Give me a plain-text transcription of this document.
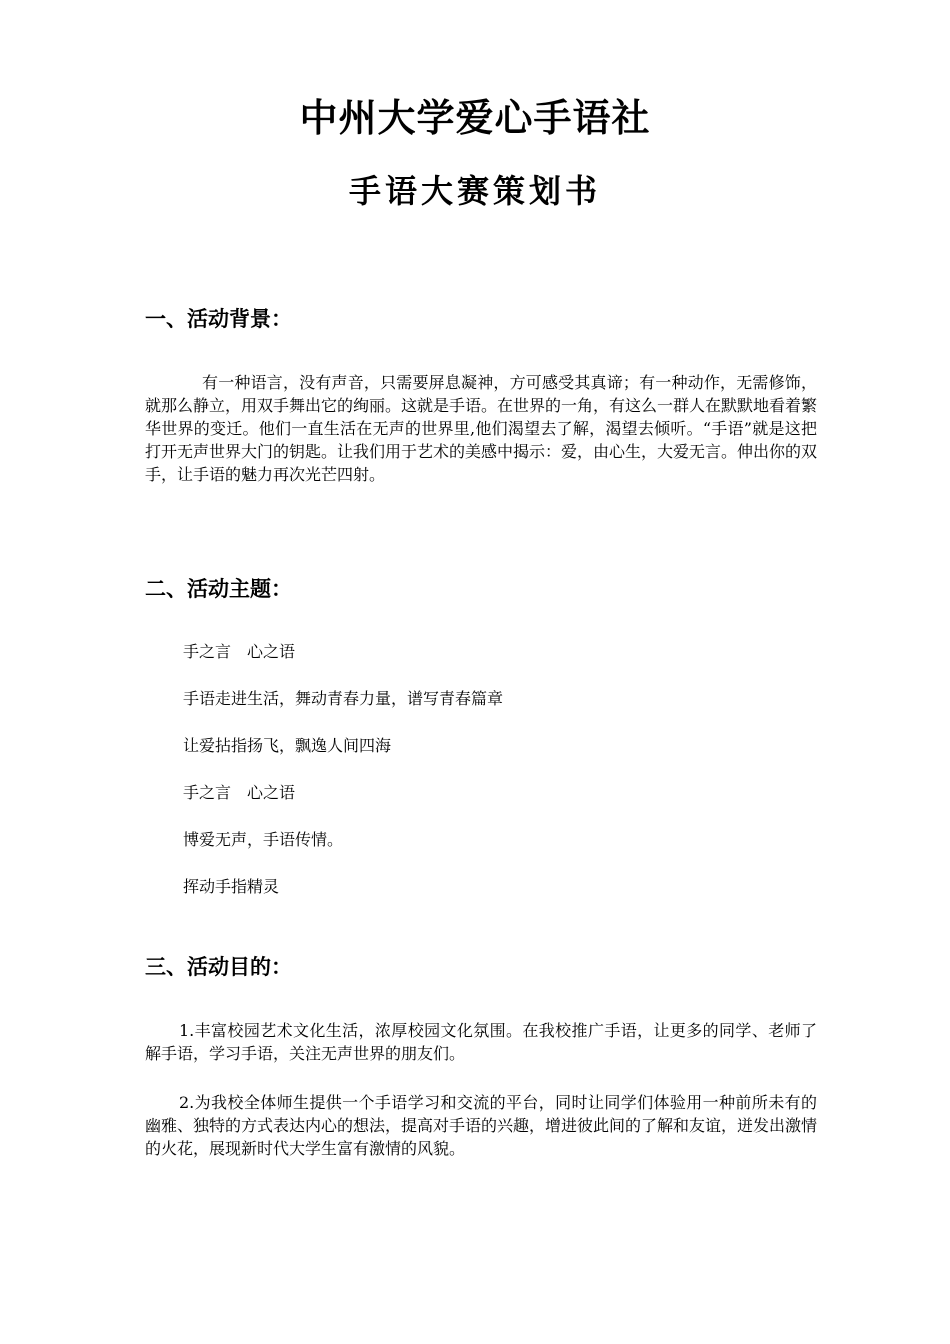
中州大学爱心手语社
手语大赛策划书
一、活动背景：
有一种语言，没有声音，只需要屏息凝神，方可感受其真谛；有一种动作，无需修饰，就那么静立，用双手舞出它的绚丽。这就是手语。在世界的一角，有这么一群人在默默地看着繁华世界的变迁。他们一直生活在无声的世界里,他们渴望去了解，渴望去倾听。“手语”就是这把打开无声世界大门的钥匙。让我们用于艺术的美感中揭示：爱，由心生，大爱无言。伸出你的双手，让手语的魅力再次光芒四射。
二、活动主题：
手之言　心之语
手语走进生活，舞动青春力量，谱写青春篇章
让爱拈指扬飞，飘逸人间四海
手之言　心之语
博爱无声，手语传情。
挥动手指精灵
三、活动目的：
1.丰富校园艺术文化生活，浓厚校园文化氛围。在我校推广手语，让更多的同学、老师了解手语，学习手语，关注无声世界的朋友们。
2.为我校全体师生提供一个手语学习和交流的平台，同时让同学们体验用一种前所未有的幽雅、独特的方式表达内心的想法，提高对手语的兴趣，增进彼此间的了解和友谊，迸发出激情的火花，展现新时代大学生富有激情的风貌。
